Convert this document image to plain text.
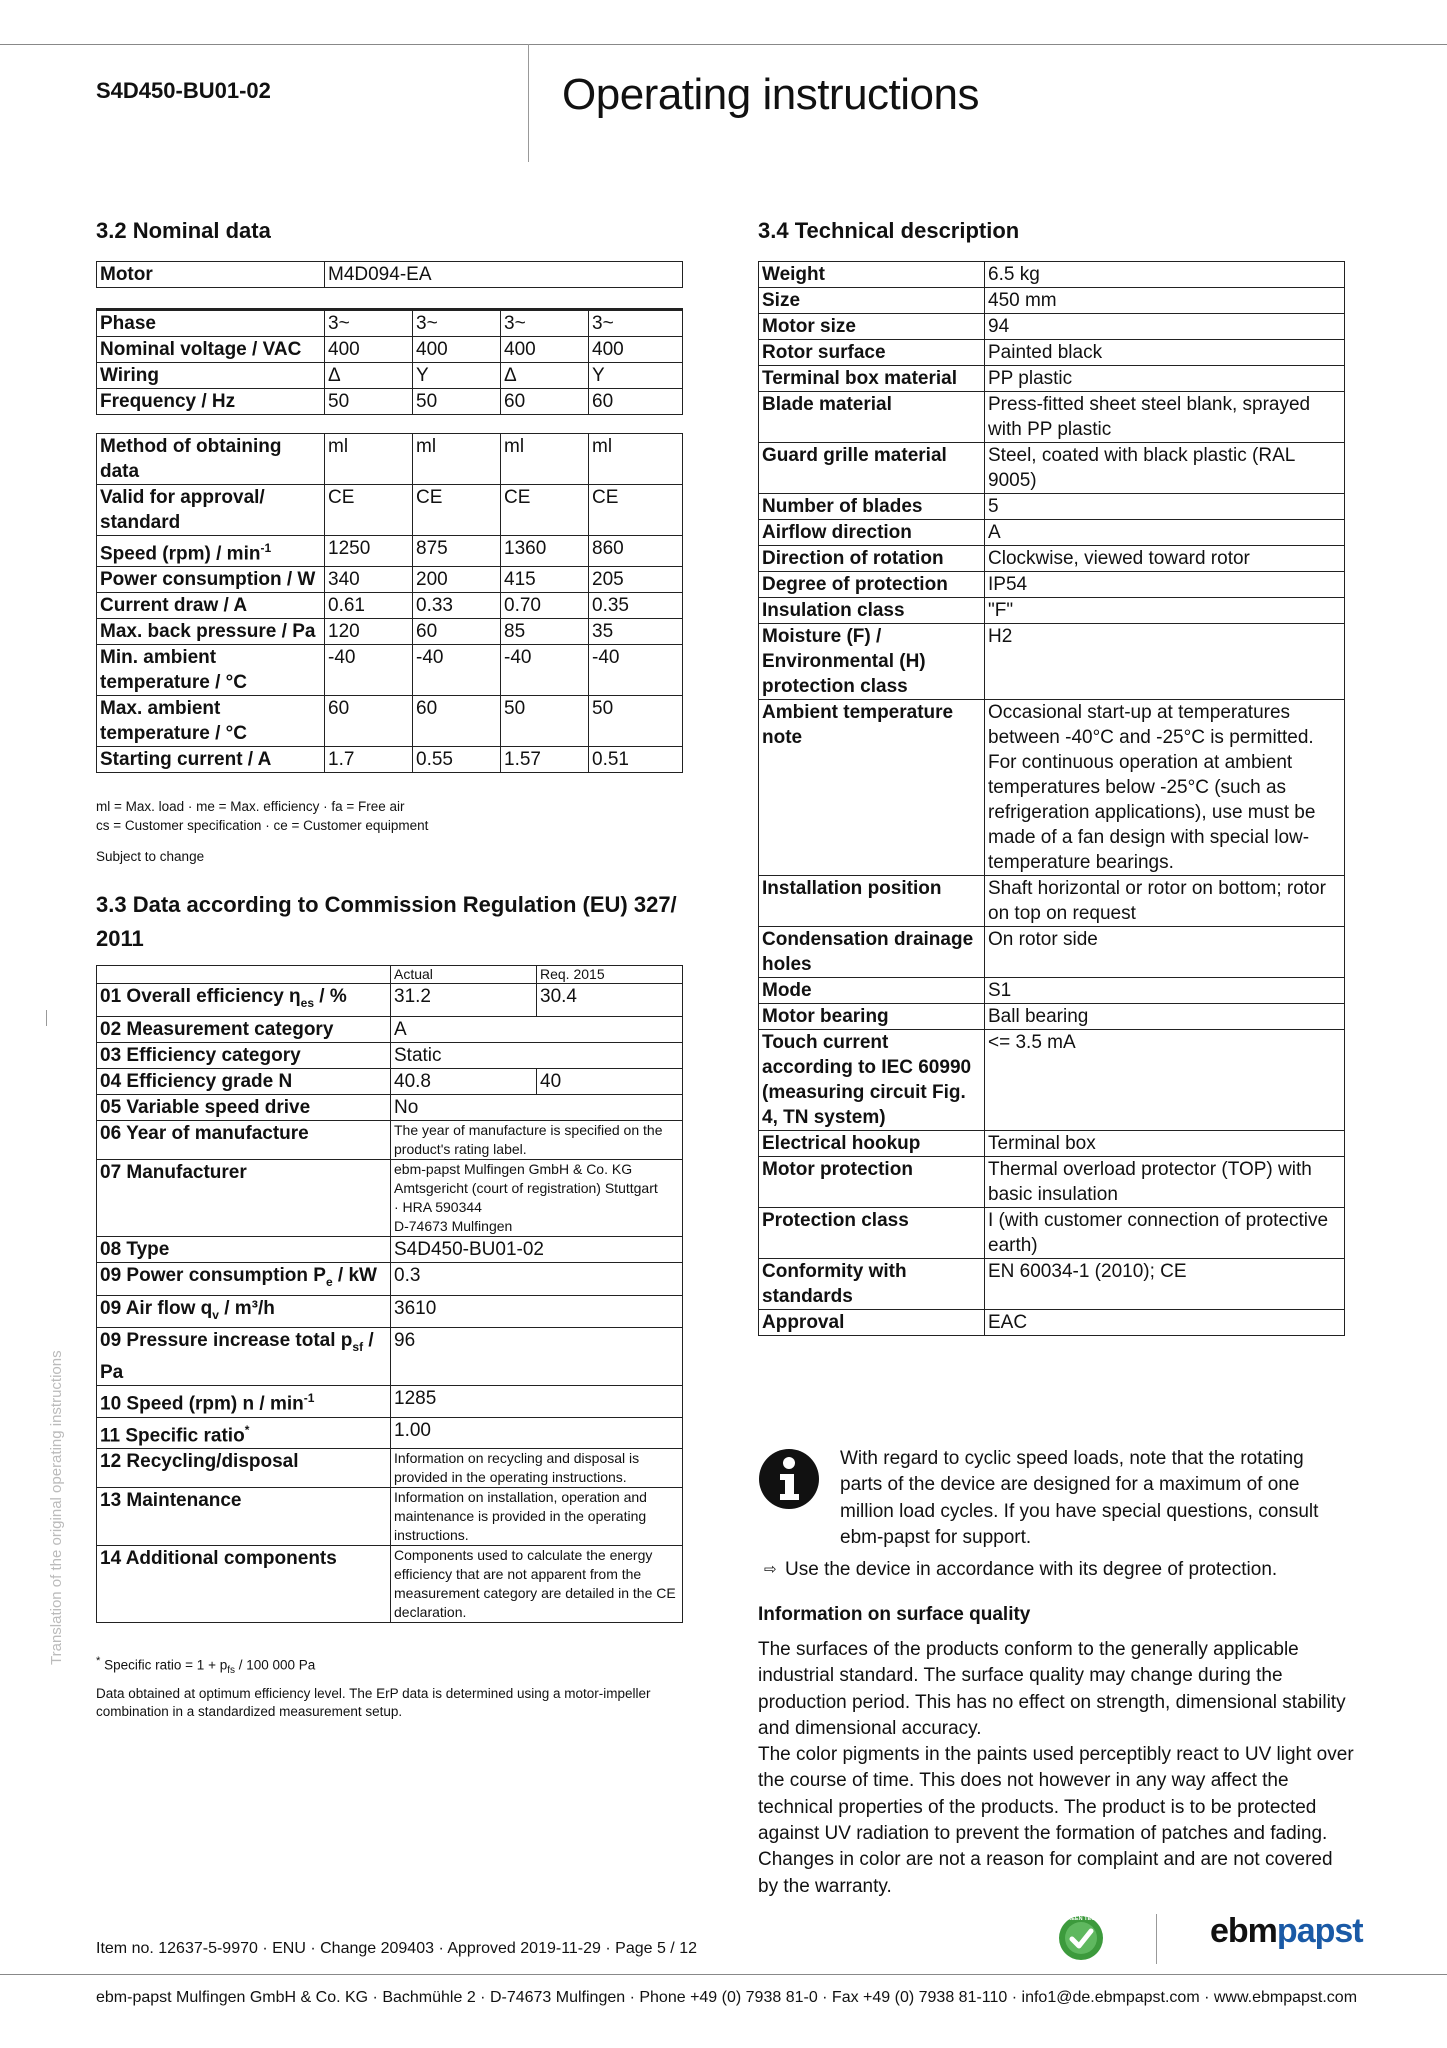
S4D450-BU01-02	Operating instructions
Translation of the original operating instructions
3.2 Nominal data
Motor	M4D094-EA
Phase	3~	3~	3~	3~
Nominal voltage / VAC	400	400	400	400
Wiring	Δ	Y	Δ	Y
Frequency / Hz	50	50	60	60
Method of obtaining data	ml	ml	ml	ml
Valid for approval/ standard	CE	CE	CE	CE
Speed $(rpm) / \min^{-1}$	1250	875	1360	860
Power consumption / W	340	200	415	205
Current draw / A	0.61	0.33	0.70	0.35
Max. back pressure / Pa	120	60	85	35
Min. ambient temperature / °C	-40	-40	-40	-40
Max. ambient temperature / °C	60	60	50	50
Starting current / A	1.7	0.55	1.57	0.51
ml = Max. load · me = Max. efficiency · fa = Free air
cs = Customer specification · ce = Customer equipment
Subject to change
3.3 Data according to Commission Regulation (EU) 327/
2011
	Actual	Req. 2015
01 Overall efficiency $\eta_{es}$ / %	31.2	30.4
02 Measurement category	A	
03 Efficiency category	Static	
04 Efficiency grade N	40.8	40
05 Variable speed drive	No	
06 Year of manufacture	The year of manufacture is specified on the product's rating label.	
07 Manufacturer	ebm-papst Mulfingen GmbH & Co. KG
Amtsgericht (court of registration) Stuttgart
· HRA 590344
D-74673 Mulfingen	

08 Type	S4D450-BU01-02	
09 Power consumption $P_e$ / kW	0.3	
09 Air flow $q_v / m^3/h$	3610	
09 Pressure increase total $p_{sf}$ /
Pa	96	
10 Speed (rpm) n / $\min^{-1}$	1285	
11 Specific ratio*	1.00	
12 Recycling/disposal	Information on recycling and disposal is provided in the operating instructions.	
13 Maintenance	Information on installation, operation and maintenance is provided in the operating instructions.	
14 Additional components	Components used to calculate the energy efficiency that are not apparent from the measurement category are detailed in the CE declaration.	
* Specific ratio = $1 + p_{fs} / 100$ 000 Pa
Data obtained at optimum efficiency level. The ErP data is determined using a motor-impeller combination in a standardized measurement setup.
3.4 Technical description
Weight	6.5 kg
Size	450 mm
Motor size	94
Rotor surface	Painted black
Terminal box material	PP plastic
Blade material	Press-fitted sheet steel blank, sprayed with PP plastic
Guard grille material	Steel, coated with black plastic (RAL 9005)
Number of blades	5
Airflow direction	A
Direction of rotation	Clockwise, viewed toward rotor
Degree of protection	IP54
Insulation class	"F"
Moisture (F) / Environmental (H) protection class	H2
Ambient temperature note	Occasional start-up at temperatures between -40°C and -25°C is permitted. For continuous operation at ambient temperatures below -25°C (such as refrigeration applications), use must be made of a fan design with special low-temperature bearings.
Installation position	Shaft horizontal or rotor on bottom; rotor on top on request
Condensation drainage holes	On rotor side
Mode	S1
Motor bearing	Ball bearing
Touch current according to IEC 60990 (measuring circuit Fig. 4, TN system)	<= 3.5 mA
Electrical hookup	Terminal box
Motor protection	Thermal overload protector (TOP) with basic insulation
Protection class	I (with customer connection of protective earth)
Conformity with standards	EN 60034-1 (2010); CE
Approval	EAC
With regard to cyclic speed loads, note that the rotating parts of the device are designed for a maximum of one million load cycles. If you have special questions, consult ebm-papst for support.
⇨ Use the device in accordance with its degree of protection.
Information on surface quality
The surfaces of the products conform to the generally applicable industrial standard. The surface quality may change during the production period. This has no effect on strength, dimensional stability and dimensional accuracy.
The color pigments in the paints used perceptibly react to UV light over the course of time. This does not however in any way affect the technical properties of the products. The product is to be protected against UV radiation to prevent the formation of patches and fading. Changes in color are not a reason for complaint and are not covered by the warranty.
Item no. 12637-5-9970 · ENU · Change 209403 · Approved 2019-11-29 · Page 5 / 12
GREEN TECH	ebmpapst
ebm-papst Mulfingen GmbH & Co. KG · Bachmühle 2 · D-74673 Mulfingen · Phone +49 (0) 7938 81-0 · Fax +49 (0) 7938 81-110 · info1@de.ebmpapst.com · www.ebmpapst.com
